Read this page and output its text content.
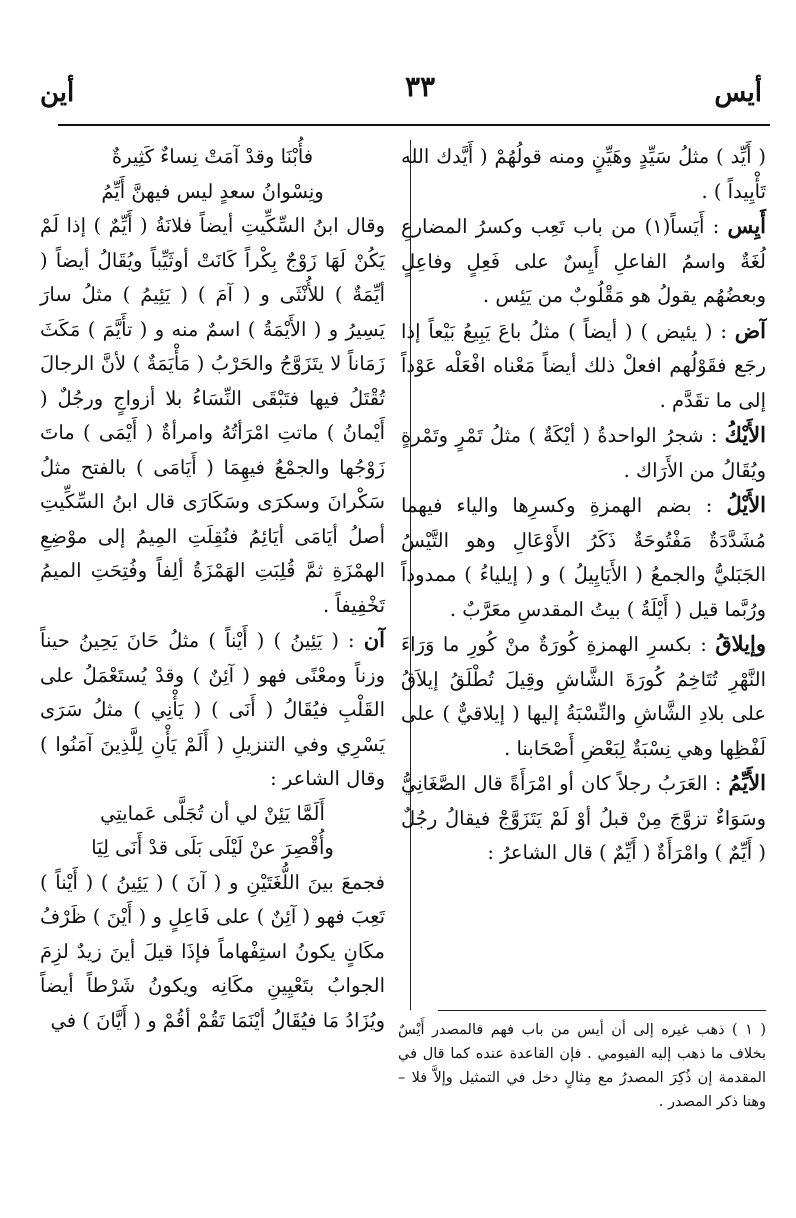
أيس
٣٣
أين

( أَيِّد ) مثلُ سَيِّدٍ وهَيِّنٍ ومنه قولُهُمْ ( أَيَّدك الله تَأْيِيداً ) .

أَيِس : أَيَساً(١) من باب تَعِب وكسرُ المضارعِ لُغَةٌ واسمُ الفاعلِ أَيِسٌ على فَعِلٍ وفاعِلٍ وبعضُهُم يقولُ هو مَقْلُوبٌ من يَئِس .

آض : ( يئيض ) ( أيضاً ) مثلُ باعَ يَبِيعُ بَيْعاً إذا رجَع فقَوْلُهم افعلْ ذلك أيضاً مَعْناه افْعَلْه عَوْداً إلى ما تقَدَّم .

الأَيْكُ : شجرُ الواحدةُ ( أيْكَةٌ ) مثلُ تَمْرٍ وتَمْرةٍ ويُقَالُ من الأَرَاك .

الأَيْلُ : بضم الهمزةِ وكسرِها والياء فيهما مُشَدَّدَةٌ مَفْتُوحَةٌ ذَكَرُ الأَوْعَالِ وهو التَّيْسُ الجَبَليُّ والجمعُ ( الأَيَايِيلُ ) و ( إيلياءُ ) ممدوداً ورُبَّما قيل ( أَيْلَةُ ) بيتُ المقدسِ معَرَّبٌ .

وإيلاقُ : بكسرِ الهمزةِ كُورَةٌ منْ كُورِ ما وَرَاءَ النَّهْرِ تُتَاخِمُ كُورَةَ الشَّاشِ وقِيلَ تُطْلَقُ إيلاَقُ على بلادِ الشَّاشِ والنِّسْبَةُ إليها ( إيلاقيٌّ ) على لَفْظِها وهي نِسْبَةٌ لِبَعْضِ أَصْحَابنا .

الأَيِّمُ : العَرَبُ رجلاً كان أو امْرَأَةً قال الصَّغَانِيُّ وسَوَاءٌ تزوَّجَ مِنْ قبلُ أوْ لَمْ يَتَزَوَّجْ فيقالُ رجُلٌ ( أَيِّمٌ ) وامْرَأَةٌ ( أَيِّمٌ ) قال الشاعرُ :

فأُبْنَا وقدْ آمَتْ نِساءٌ كَثِيرةٌ

ونِسْوانُ سعدٍ ليس فيهنَّ أَيِّمُ

وقال ابنُ السِّكِّيتِ أيضاً فلانَةُ ( أَيِّمٌ ) إذا لَمْ يَكُنْ لَهَا زَوْجٌ بِكْراً كَانَتْ أوثَيِّباً ويُقَالُ أيضاً ( أيِّمَةٌ ) للأُنْثَى و ( آمَ ) ( يَئِيمُ ) مثلُ سارَ يَسِيرُ و ( الأَيْمَةُ ) اسمٌ منه و ( تأَيَّمَ ) مَكَثَ زَمَاناً لا يتَزَوَّجُ والحَرْبُ ( مَأْيَمَةٌ ) لأنَّ الرجالَ تُقْتَلُ فيها فتَبْقَى النِّسَاءُ بلا أزواجٍ ورجُلٌ ( أَيْمانُ ) ماتتِ امْرَأتُهُ وامرأةٌ ( أَيْمَى ) ماتَ زَوْجُها والجمْعُ فيهِمَا ( أَيَامَى ) بالفتح مثلُ سَكْرانَ وسكرَى وسَكَارَى قال ابنُ السِّكِّيتِ أصلُ أيَامَى أيَائِمُ فنُقِلَتِ المِيمُ إلى موْضِعِ الهمْزَةِ ثمَّ قُلِبَتِ الهَمْزَةُ ألِفاً وفُتِحَتِ الميمُ تَخْفِيفاً .

آن : ( يَئِينُ ) ( أَيْناً ) مثلُ حَانَ يَحِينُ حيناً وزناً ومعْنًى فهو ( آئِنٌ ) وقدْ يُستَعْمَلُ على القَلْبِ فيُقَالُ ( أَنَى ) ( يَأْنِي ) مثلُ سَرَى يَسْرِي وفي التنزيلِ ( أَلَمْ يَأْنِ لِلَّذِينَ آمَنُوا ) وقال الشاعر :

أَلَمَّا يَئِنْ لي أن تُجَلَّى عَمايتِي

وأُقْصِرَ عنْ لَيْلَى بَلَى قدْ أَنَى لِيَا

فجمعَ بينَ اللُّغَتَيْنِ و ( آنَ ) ( يَئِينُ ) ( أَيْناً ) تَعِبَ فهو ( آئِنٌ ) على فَاعِلٍ و ( أَيْنَ ) ظَرْفُ مكَانٍ يكونُ استِفْهاماً فإذَا قيلَ أينَ زيدٌ لزِمَ الجوابُ بتَعْيِينِ مكَانِه ويكونُ شَرْطاً أيضاً ويُزَادُ مَا فيُقَالُ أيْنَمَا تَقُمْ أقُمْ و ( أَيَّانَ ) في ( ١ ) ذهب غيره إلى أن أيس من باب فهم فالمصدر أَيْسٌ بخلاف ما ذهب إليه الفيومي . فإن القاعدة عنده كما قال في المقدمة إن ذُكِرَ المصدرُ مع مِثالٍ دخل في التمثيل وإلاَّ فلا – وهنا ذكر المصدر .
